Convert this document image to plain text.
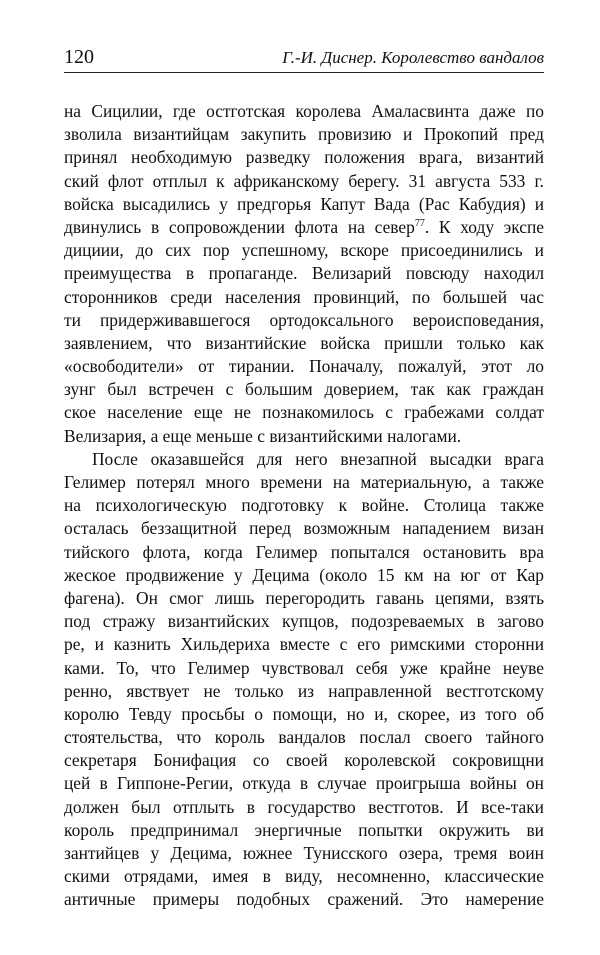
120	Г.-И. Диснер. Королевство вандалов
на Сицилии, где остготская королева Амаласвинта даже по
зволила византийцам закупить провизию и Прокопий пред
принял необходимую разведку положения врага, византий
ский флот отплыл к африканскому берегу. 31 августа 533 г.
войска высадились у предгорья Капут Вада (Рас Кабудия) и
двинулись в сопровождении флота на север$^{77}$. К ходу экспе
дициии, до сих пор успешному, вскоре присоединились и
преимущества в пропаганде. Велизарий повсюду находил
сторонников среди населения провинций, по большей час
ти придерживавшегося ортодоксального вероисповедания,
заявлением, что византийские войска пришли только как
«освободители» от тирании. Поначалу, пожалуй, этот ло
зунг был встречен с большим доверием, так как граждан
ское население еще не познакомилось с грабежами солдат
Велизария, а еще меньше с византийскими налогами.
После оказавшейся для него внезапной высадки врага
Гелимер потерял много времени на материальную, а также
на психологическую подготовку к войне. Столица также
осталась беззащитной перед возможным нападением визан
тийского флота, когда Гелимер попытался остановить вра
жеское продвижение у Децима (около 15 км на юг от Кар
фагена). Он смог лишь перегородить гавань цепями, взять
под стражу византийских купцов, подозреваемых в загово
ре, и казнить Хильдериха вместе с его римскими сторонни
ками. То, что Гелимер чувствовал себя уже крайне неуве
ренно, явствует не только из направленной вестготскому
королю Тевду просьбы о помощи, но и, скорее, из того об
стоятельства, что король вандалов послал своего тайного
секретаря Бонифация со своей королевской сокровищни
цей в Гиппоне-Регии, откуда в случае проигрыша войны он
должен был отплыть в государство вестготов. И все-таки
король предпринимал энергичные попытки окружить ви
зантийцев у Децима, южнее Тунисского озера, тремя воин
скими отрядами, имея в виду, несомненно, классические
античные примеры подобных сражений. Это намерение
